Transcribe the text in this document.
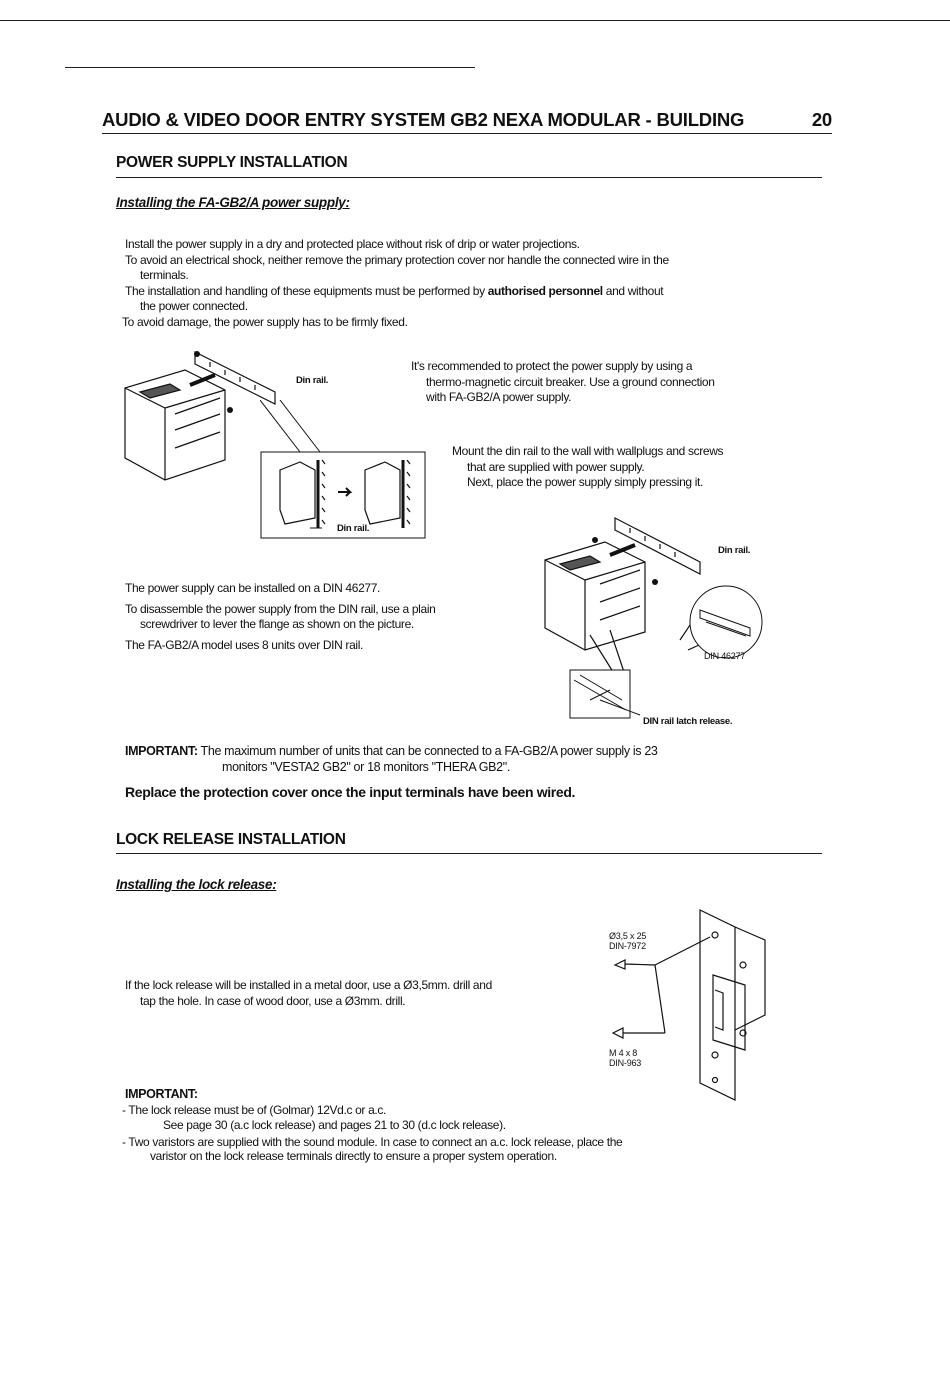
AUDIO & VIDEO DOOR ENTRY SYSTEM GB2 NEXA MODULAR - BUILDING	20
POWER SUPPLY INSTALLATION
Installing the FA-GB2/A power supply:
Install the power supply in a dry and protected place without risk of drip or water projections.
To avoid an electrical shock, neither remove the primary protection cover nor handle the connected wire in the

terminals.
The installation and handling of these equipments must be performed by authorised personnel and without

the power connected.
To avoid damage, the power supply has to be firmly fixed.
Din rail.
Din rail.
It's recommended to protect the power supply by using a

thermo-magnetic circuit breaker. Use a ground connection
with FA-GB2/A power supply.
Mount the din rail to the wall with wallplugs and screws

that are supplied with power supply.
Next, place the power supply simply pressing it.
Din rail.
DIN 46277
DIN rail latch release.
The power supply can be installed on a DIN 46277.
To disassemble the power supply from the DIN rail, use a plain

screwdriver to lever the flange as shown on the picture.
The FA-GB2/A model uses 8 units over DIN rail.
IMPORTANT: The maximum number of units that can be connected to a FA-GB2/A power supply is 23
monitors "VESTA2 GB2" or 18 monitors "THERA GB2".
Replace the protection cover once the input terminals have been wired.
LOCK RELEASE INSTALLATION
Installing the lock release:
If the lock release will be installed in a metal door, use a Ø3,5mm. drill and

tap the hole. In case of wood door, use a Ø3mm. drill.
Ø3,5 x 25
DIN-7972
M 4 x 8
DIN-963
IMPORTANT:
- The lock release must be of (Golmar) 12Vd.c or a.c.
See page 30 (a.c lock release) and pages 21 to 30 (d.c lock release).
- Two varistors are supplied with the sound module. In case to connect an a.c. lock release, place the
varistor on the lock release terminals directly to ensure a proper system operation.
